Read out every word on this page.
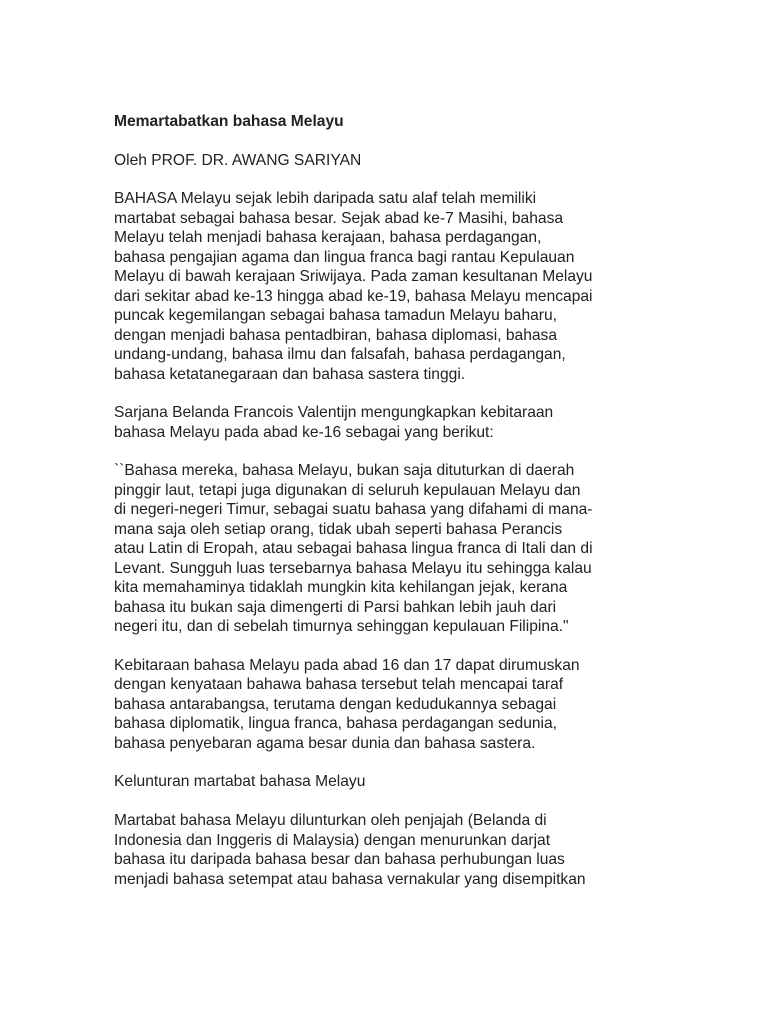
Memartabatkan bahasa Melayu
Oleh PROF. DR. AWANG SARIYAN
BAHASA Melayu sejak lebih daripada satu alaf telah memiliki
martabat sebagai bahasa besar. Sejak abad ke-7 Masihi, bahasa
Melayu telah menjadi bahasa kerajaan, bahasa perdagangan,
bahasa pengajian agama dan lingua franca bagi rantau Kepulauan
Melayu di bawah kerajaan Sriwijaya. Pada zaman kesultanan Melayu
dari sekitar abad ke-13 hingga abad ke-19, bahasa Melayu mencapai
puncak kegemilangan sebagai bahasa tamadun Melayu baharu,
dengan menjadi bahasa pentadbiran, bahasa diplomasi, bahasa
undang-undang, bahasa ilmu dan falsafah, bahasa perdagangan,
bahasa ketatanegaraan dan bahasa sastera tinggi.
Sarjana Belanda Francois Valentijn mengungkapkan kebitaraan
bahasa Melayu pada abad ke-16 sebagai yang berikut:
``Bahasa mereka, bahasa Melayu, bukan saja dituturkan di daerah
pinggir laut, tetapi juga digunakan di seluruh kepulauan Melayu dan
di negeri-negeri Timur, sebagai suatu bahasa yang difahami di mana-
mana saja oleh setiap orang, tidak ubah seperti bahasa Perancis
atau Latin di Eropah, atau sebagai bahasa lingua franca di Itali dan di
Levant. Sungguh luas tersebarnya bahasa Melayu itu sehingga kalau
kita memahaminya tidaklah mungkin kita kehilangan jejak, kerana
bahasa itu bukan saja dimengerti di Parsi bahkan lebih jauh dari
negeri itu, dan di sebelah timurnya sehinggan kepulauan Filipina."
Kebitaraan bahasa Melayu pada abad 16 dan 17 dapat dirumuskan
dengan kenyataan bahawa bahasa tersebut telah mencapai taraf
bahasa antarabangsa, terutama dengan kedudukannya sebagai
bahasa diplomatik, lingua franca, bahasa perdagangan sedunia,
bahasa penyebaran agama besar dunia dan bahasa sastera.
Kelunturan martabat bahasa Melayu
Martabat bahasa Melayu dilunturkan oleh penjajah (Belanda di
Indonesia dan Inggeris di Malaysia) dengan menurunkan darjat
bahasa itu daripada bahasa besar dan bahasa perhubungan luas
menjadi bahasa setempat atau bahasa vernakular yang disempitkan
